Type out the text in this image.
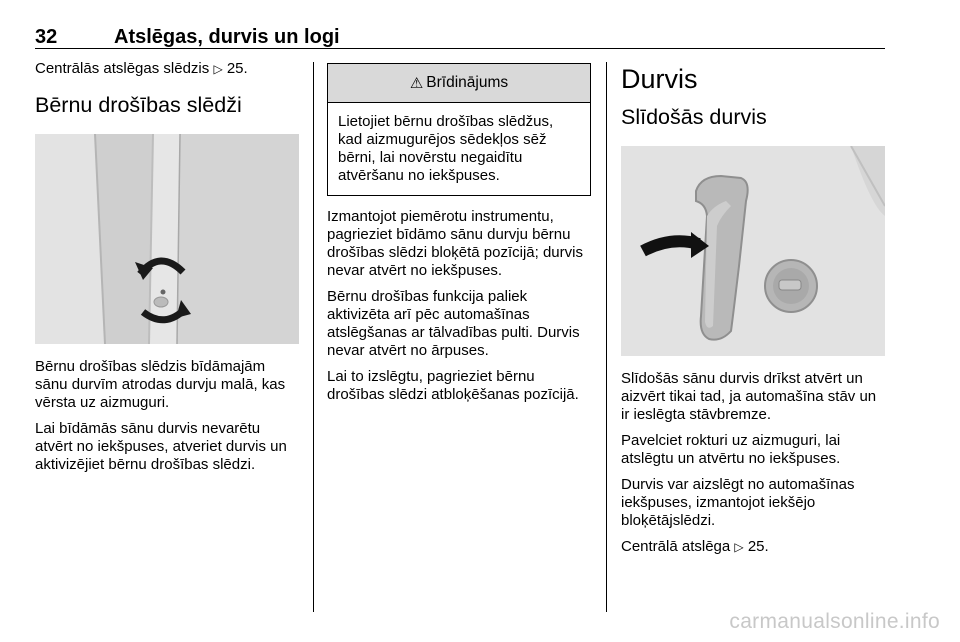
32	Atslēgas, durvis un logi

Centrālās atslēgas slēdzis ▷ 25.

Bērnu drošības slēdži

Bērnu drošības slēdzis bīdāmajām sānu durvīm atrodas durvju malā, kas vērsta uz aizmuguri.

Lai bīdāmās sānu durvis nevarētu atvērt no iekšpuses, atveriet durvis un aktivizējiet bērnu drošības slēdzi.

⚠ Brīdinājums

Lietojiet bērnu drošības slēdžus, kad aizmugurējos sēdekļos sēž bērni, lai novērstu negaidītu atvēršanu no iekšpuses.

Izmantojot piemērotu instrumentu, pagrieziet bīdāmo sānu durvju bērnu drošības slēdzi bloķētā pozīcijā; durvis nevar atvērt no iekšpuses.

Bērnu drošības funkcija paliek aktivizēta arī pēc automašīnas atslēgšanas ar tālvadības pulti. Durvis nevar atvērt no ārpuses.

Lai to izslēgtu, pagrieziet bērnu drošības slēdzi atbloķēšanas pozīcijā.

Durvis
Slīdošās durvis

Slīdošās sānu durvis drīkst atvērt un aizvērt tikai tad, ja automašīna stāv un ir ieslēgta stāvbremze.

Pavelciet rokturi uz aizmuguri, lai atslēgtu un atvērtu no iekšpuses.

Durvis var aizslēgt no automašīnas iekšpuses, izmantojot iekšējo bloķētājslēdzi.

Centrālā atslēga ▷ 25.

carmanualsonline.info
